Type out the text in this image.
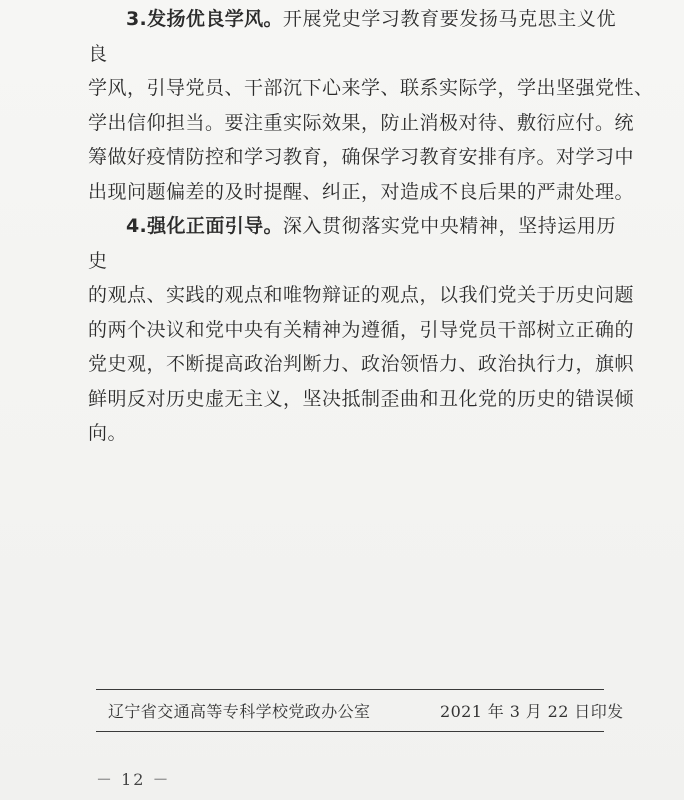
3.发扬优良学风。开展党史学习教育要发扬马克思主义优良
学风，引导党员、干部沉下心来学、联系实际学，学出坚强党性、
学出信仰担当。要注重实际效果，防止消极对待、敷衍应付。统
筹做好疫情防控和学习教育，确保学习教育安排有序。对学习中
出现问题偏差的及时提醒、纠正，对造成不良后果的严肃处理。

4.强化正面引导。深入贯彻落实党中央精神，坚持运用历史
的观点、实践的观点和唯物辩证的观点，以我们党关于历史问题
的两个决议和党中央有关精神为遵循，引导党员干部树立正确的
党史观，不断提高政治判断力、政治领悟力、政治执行力，旗帜
鲜明反对历史虚无主义，坚决抵制歪曲和丑化党的历史的错误倾
向。

辽宁省交通高等专科学校党政办公室	2021 年 3 月 22 日印发
－ 12 －
